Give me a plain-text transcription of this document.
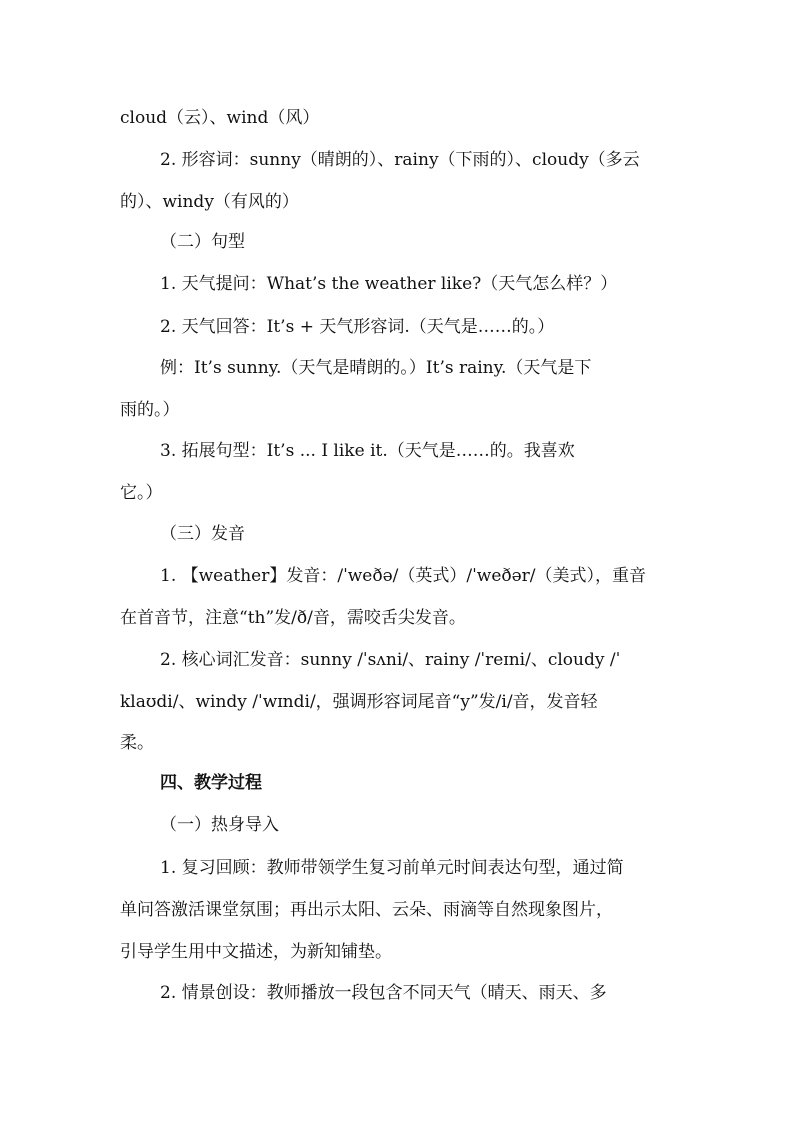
cloud（云）、wind（风）
2. 形容词：sunny（晴朗的）、rainy（下雨的）、cloudy（多云
的）、windy（有风的）
（二）句型
1. 天气提问：What’s the weather like?（天气怎么样？）
2. 天气回答：It’s + 天气形容词.（天气是……的。）
例：It’s sunny.（天气是晴朗的。）It’s rainy.（天气是下
雨的。）
3. 拓展句型：It’s ... I like it.（天气是……的。我喜欢
它。）
（三）发音
1. 【weather】发音：/ˈweðə/（英式）/ˈweðər/（美式），重音
在首音节，注意“th”发/ð/音，需咬舌尖发音。
2. 核心词汇发音：sunny /ˈsʌni/、rainy /ˈreɪni/、cloudy /ˈ
klaʊdi/、windy /ˈwɪndi/，强调形容词尾音“y”发/i/音，发音轻
柔。
四、教学过程
（一）热身导入
1. 复习回顾：教师带领学生复习前单元时间表达句型，通过简
单问答激活课堂氛围；再出示太阳、云朵、雨滴等自然现象图片，
引导学生用中文描述，为新知铺垫。
2. 情景创设：教师播放一段包含不同天气（晴天、雨天、多
